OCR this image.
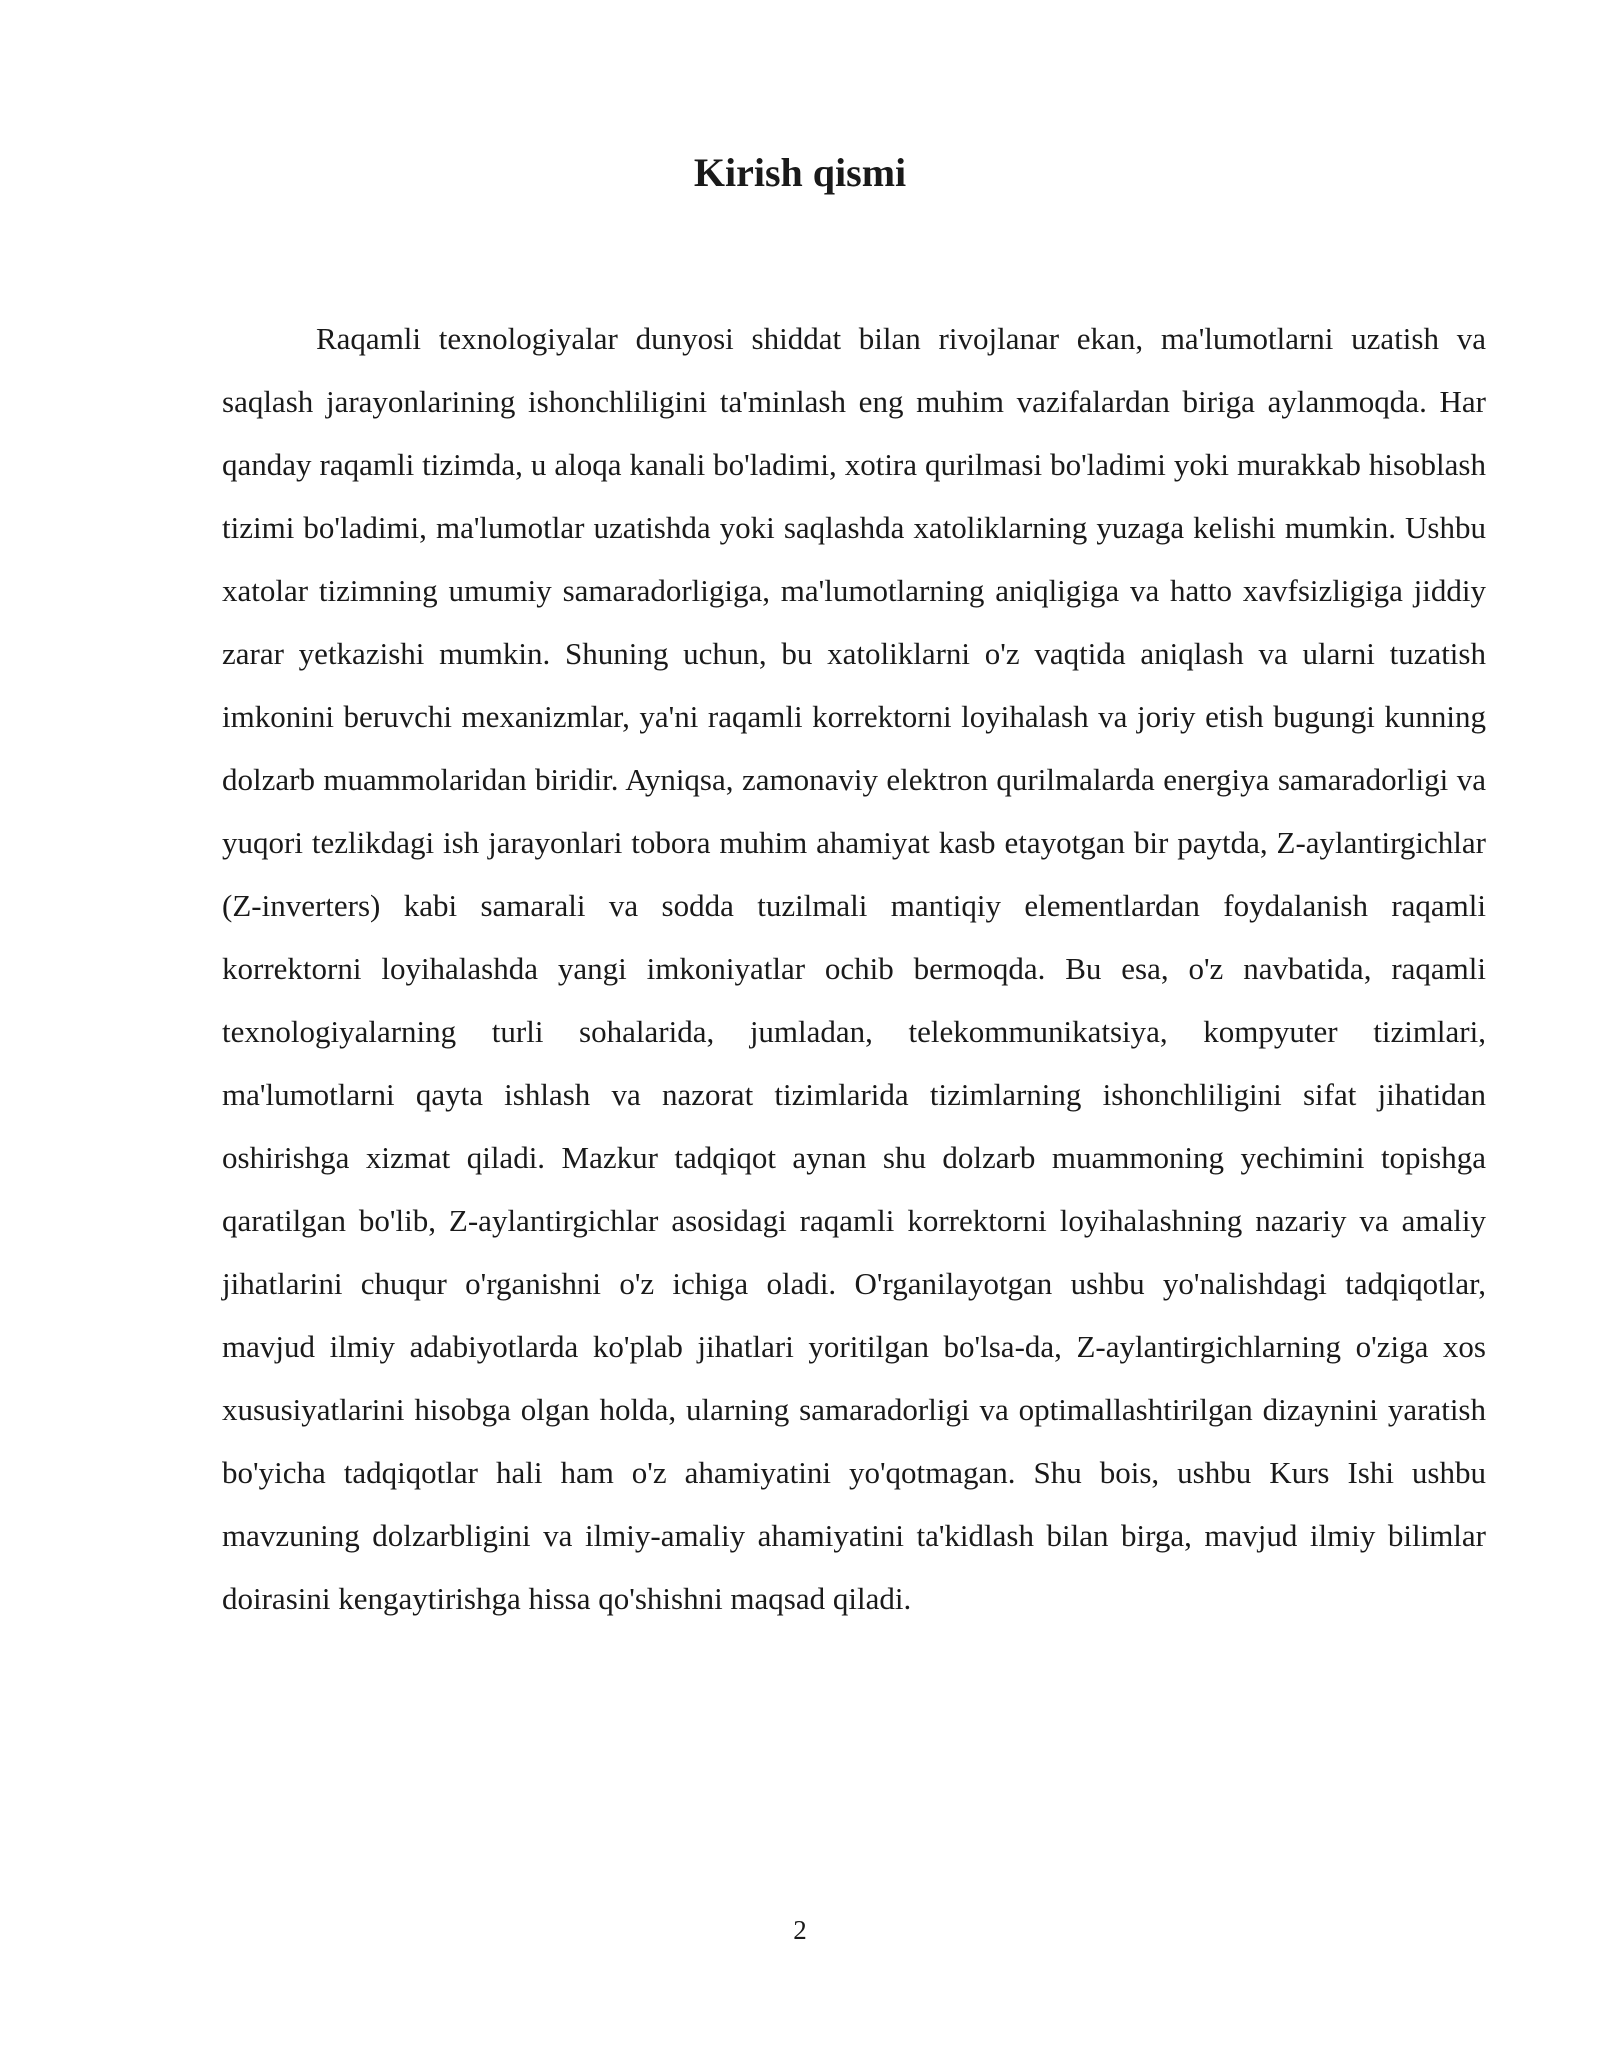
Kirish qismi

Raqamli texnologiyalar dunyosi shiddat bilan rivojlanar ekan, ma'lumotlarni uzatish va saqlash jarayonlarining ishonchliligini ta'minlash eng muhim vazifalardan biriga aylanmoqda. Har qanday raqamli tizimda, u aloqa kanali bo'ladimi, xotira qurilmasi bo'ladimi yoki murakkab hisoblash tizimi bo'ladimi, ma'lumotlar uzatishda yoki saqlashda xatoliklarning yuzaga kelishi mumkin. Ushbu xatolar tizimning umumiy samaradorligiga, ma'lumotlarning aniqligiga va hatto xavfsizligiga jiddiy zarar yetkazishi mumkin. Shuning uchun, bu xatoliklarni o'z vaqtida aniqlash va ularni tuzatish imkonini beruvchi mexanizmlar, ya'ni raqamli korrektorni loyihalash va joriy etish bugungi kunning dolzarb muammolaridan biridir. Ayniqsa, zamonaviy elektron qurilmalarda energiya samaradorligi va yuqori tezlikdagi ish jarayonlari tobora muhim ahamiyat kasb etayotgan bir paytda, Z-aylantirgichlar (Z-inverters) kabi samarali va sodda tuzilmali mantiqiy elementlardan foydalanish raqamli korrektorni loyihalashda yangi imkoniyatlar ochib bermoqda. Bu esa, o'z navbatida, raqamli texnologiyalarning turli sohalarida, jumladan, telekommunikatsiya, kompyuter tizimlari, ma'lumotlarni qayta ishlash va nazorat tizimlarida tizimlarning ishonchliligini sifat jihatidan oshirishga xizmat qiladi. Mazkur tadqiqot aynan shu dolzarb muammoning yechimini topishga qaratilgan bo'lib, Z-aylantirgichlar asosidagi raqamli korrektorni loyihalashning nazariy va amaliy jihatlarini chuqur o'rganishni o'z ichiga oladi. O'rganilayotgan ushbu yo'nalishdagi tadqiqotlar, mavjud ilmiy adabiyotlarda ko'plab jihatlari yoritilgan bo'lsa-da, Z-aylantirgichlarning o'ziga xos xususiyatlarini hisobga olgan holda, ularning samaradorligi va optimallashtirilgan dizaynini yaratish bo'yicha tadqiqotlar hali ham o'z ahamiyatini yo'qotmagan. Shu bois, ushbu Kurs Ishi ushbu mavzuning dolzarbligini va ilmiy-amaliy ahamiyatini ta'kidlash bilan birga, mavjud ilmiy bilimlar doirasini kengaytirishga hissa qo'shishni maqsad qiladi.

2
